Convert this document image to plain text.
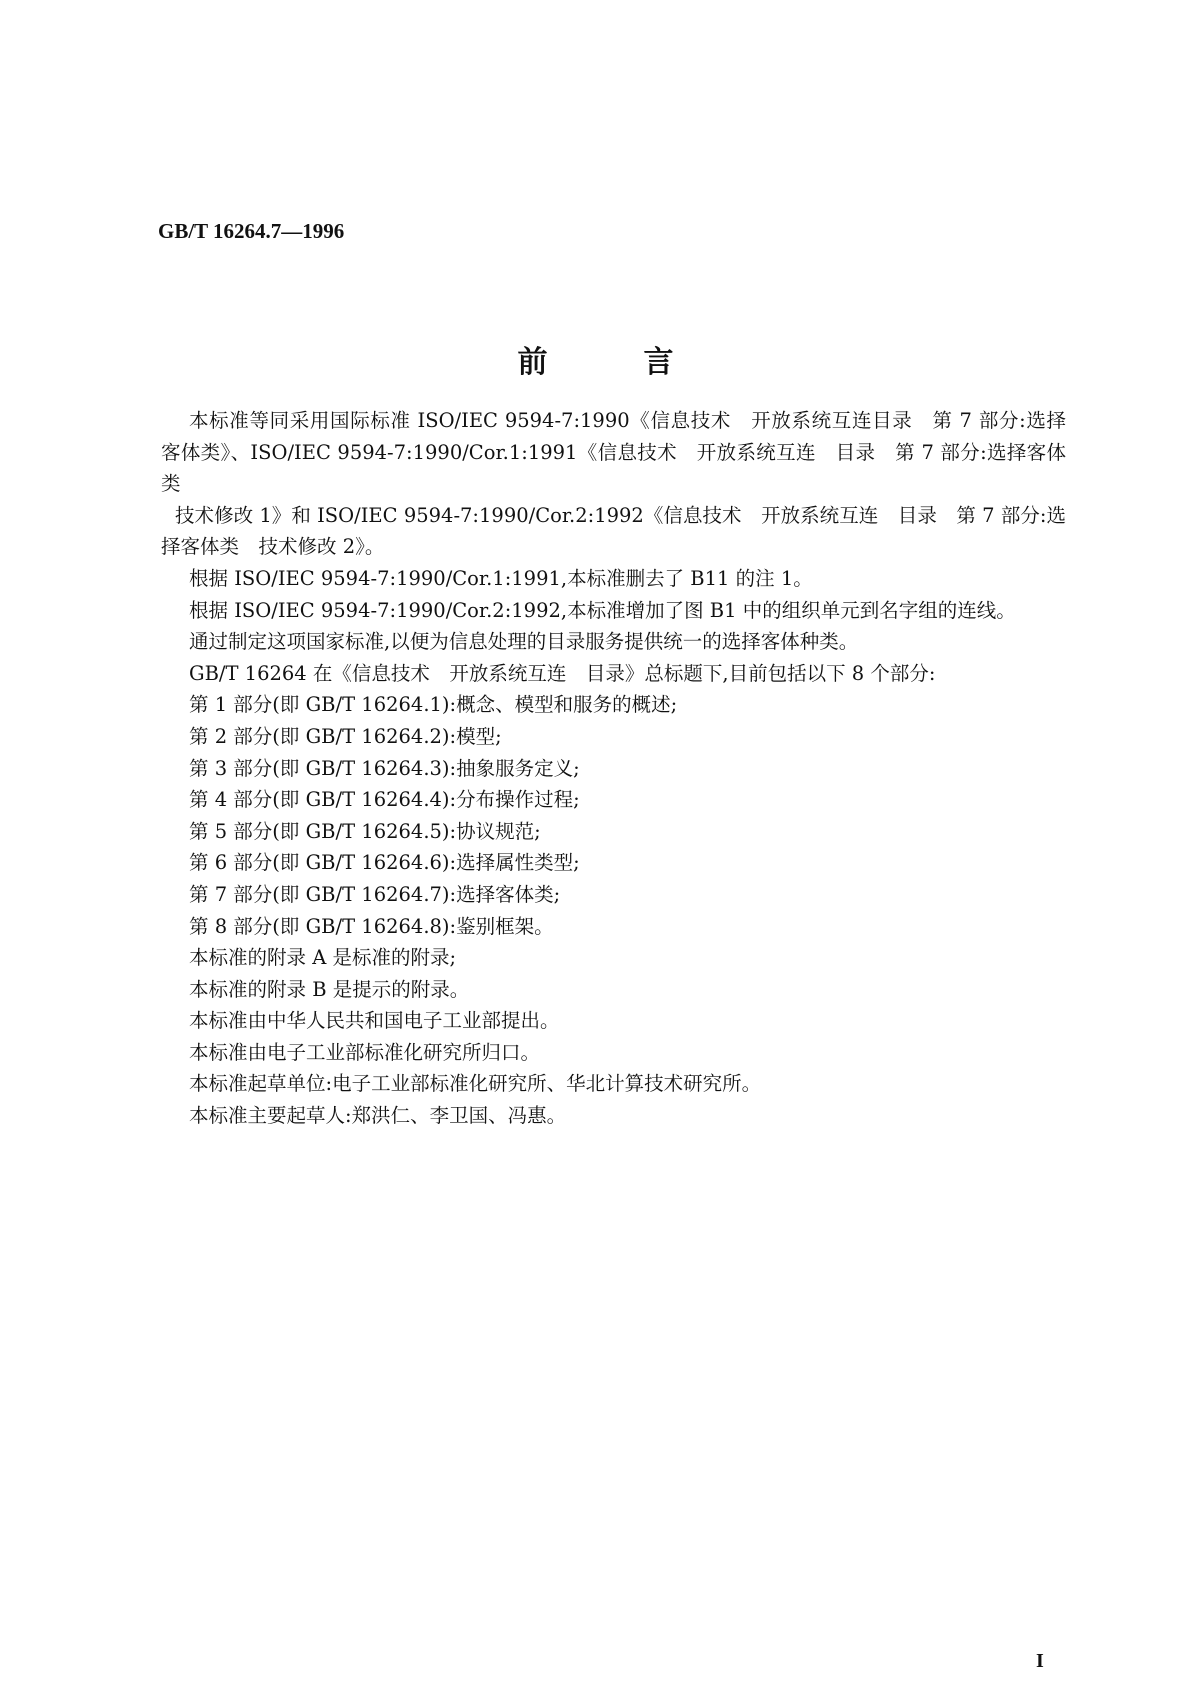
GB/T 16264.7—1996
前言
本标准等同采用国际标准 ISO/IEC 9594-7:1990《信息技术　开放系统互连目录　第 7 部分:选择
客体类》、ISO/IEC 9594-7:1990/Cor.1:1991《信息技术　开放系统互连　目录　第 7 部分:选择客体类
技术修改 1》和 ISO/IEC 9594-7:1990/Cor.2:1992《信息技术　开放系统互连　目录　第 7 部分:选
择客体类　技术修改 2》。
根据 ISO/IEC 9594-7:1990/Cor.1:1991,本标准删去了 B11 的注 1。
根据 ISO/IEC 9594-7:1990/Cor.2:1992,本标准增加了图 B1 中的组织单元到名字组的连线。
通过制定这项国家标准,以便为信息处理的目录服务提供统一的选择客体种类。
GB/T 16264 在《信息技术　开放系统互连　目录》总标题下,目前包括以下 8 个部分:
第 1 部分(即 GB/T 16264.1):概念、模型和服务的概述;
第 2 部分(即 GB/T 16264.2):模型;
第 3 部分(即 GB/T 16264.3):抽象服务定义;
第 4 部分(即 GB/T 16264.4):分布操作过程;
第 5 部分(即 GB/T 16264.5):协议规范;
第 6 部分(即 GB/T 16264.6):选择属性类型;
第 7 部分(即 GB/T 16264.7):选择客体类;
第 8 部分(即 GB/T 16264.8):鉴别框架。
本标准的附录 A 是标准的附录;
本标准的附录 B 是提示的附录。
本标准由中华人民共和国电子工业部提出。
本标准由电子工业部标准化研究所归口。
本标准起草单位:电子工业部标准化研究所、华北计算技术研究所。
本标准主要起草人:郑洪仁、李卫国、冯惠。
I
